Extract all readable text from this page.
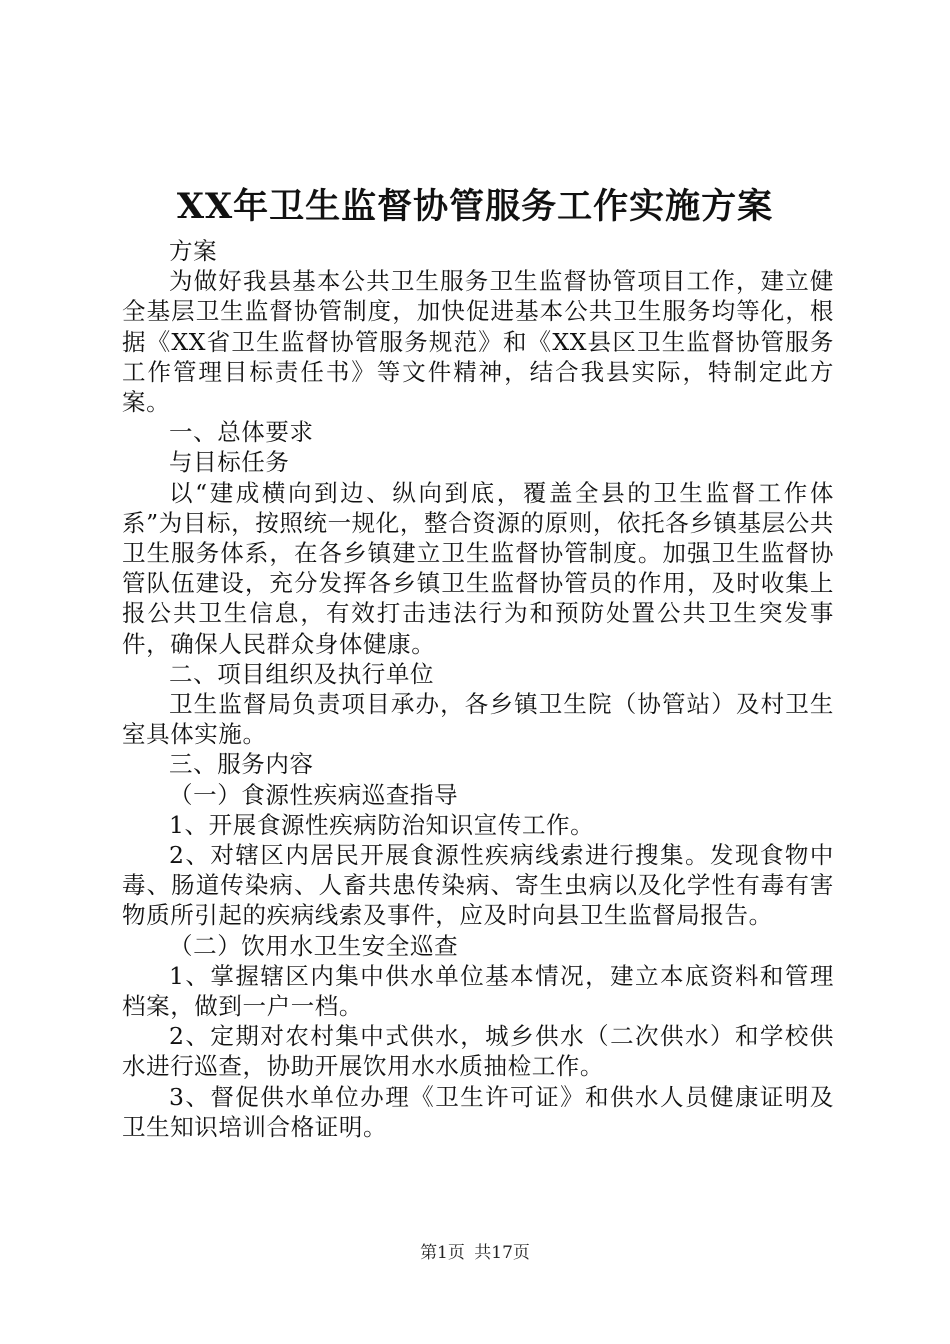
XX年卫生监督协管服务工作实施方案

方案

为做好我县基本公共卫生服务卫生监督协管项目工作，建立健全基层卫生监督协管制度，加快促进基本公共卫生服务均等化，根据《XX省卫生监督协管服务规范》和《XX县区卫生监督协管服务工作管理目标责任书》等文件精神，结合我县实际，特制定此方案。

一、总体要求

与目标任务

以“建成横向到边、纵向到底，覆盖全县的卫生监督工作体系”为目标，按照统一规化，整合资源的原则，依托各乡镇基层公共卫生服务体系，在各乡镇建立卫生监督协管制度。加强卫生监督协管队伍建设，充分发挥各乡镇卫生监督协管员的作用，及时收集上报公共卫生信息，有效打击违法行为和预防处置公共卫生突发事件，确保人民群众身体健康。

二、项目组织及执行单位

卫生监督局负责项目承办，各乡镇卫生院（协管站）及村卫生室具体实施。

三、服务内容

（一）食源性疾病巡查指导

1、开展食源性疾病防治知识宣传工作。

2、对辖区内居民开展食源性疾病线索进行搜集。发现食物中毒、肠道传染病、人畜共患传染病、寄生虫病以及化学性有毒有害物质所引起的疾病线索及事件，应及时向县卫生监督局报告。

（二）饮用水卫生安全巡查

1、掌握辖区内集中供水单位基本情况，建立本底资料和管理档案，做到一户一档。

2、定期对农村集中式供水，城乡供水（二次供水）和学校供水进行巡查，协助开展饮用水水质抽检工作。

3、督促供水单位办理《卫生许可证》和供水人员健康证明及卫生知识培训合格证明。

第1页 共17页
